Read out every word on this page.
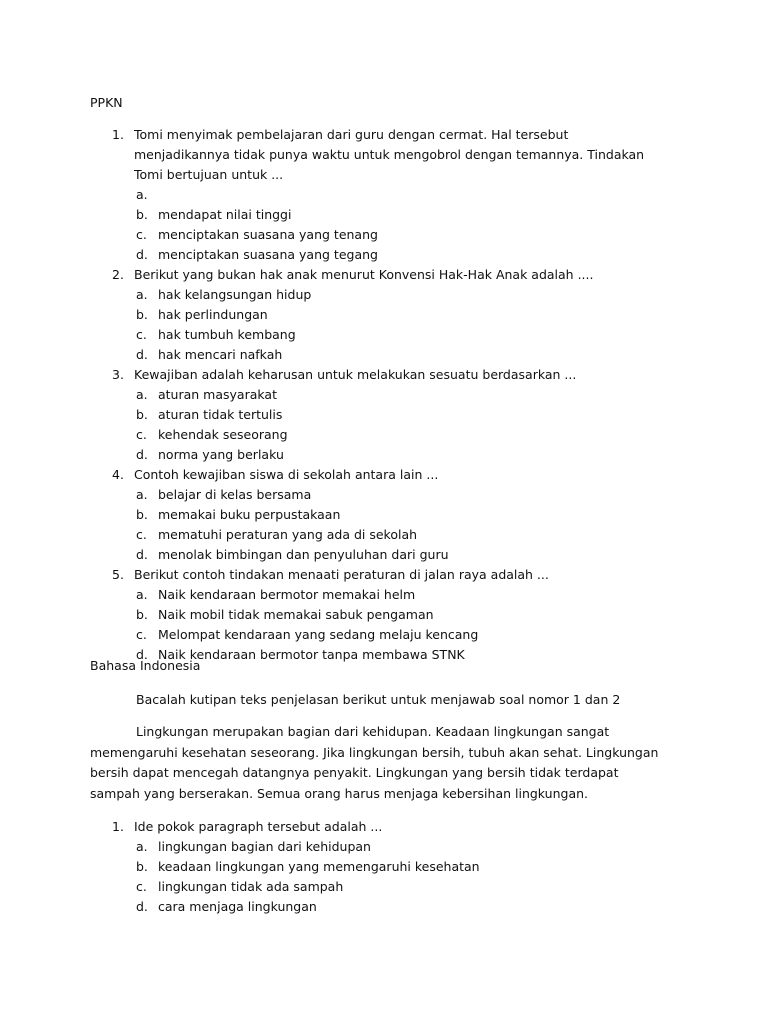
PPKN
1. Tomi menyimak pembelajaran dari guru dengan cermat. Hal tersebut menjadikannya tidak punya waktu untuk mengobrol dengan temannya. Tindakan Tomi bertujuan untuk ...
a.
b. mendapat nilai tinggi
c. menciptakan suasana yang tenang
d. menciptakan suasana yang tegang
2. Berikut yang bukan hak anak menurut Konvensi Hak-Hak Anak adalah ....
a. hak kelangsungan hidup
b. hak perlindungan
c. hak tumbuh kembang
d. hak mencari nafkah
3. Kewajiban adalah keharusan untuk melakukan sesuatu berdasarkan ...
a. aturan masyarakat
b. aturan tidak tertulis
c. kehendak seseorang
d. norma yang berlaku
4. Contoh kewajiban siswa di sekolah antara lain ...
a. belajar di kelas bersama
b. memakai buku perpustakaan
c. mematuhi peraturan yang ada di sekolah
d. menolak bimbingan dan penyuluhan dari guru
5. Berikut contoh tindakan menaati peraturan di jalan raya adalah ...
a. Naik kendaraan bermotor memakai helm
b. Naik mobil tidak memakai sabuk pengaman
c. Melompat kendaraan yang sedang melaju kencang
d. Naik kendaraan bermotor tanpa membawa STNK
Bahasa Indonesia
Bacalah kutipan teks penjelasan berikut untuk menjawab soal nomor 1 dan 2

Lingkungan merupakan bagian dari kehidupan. Keadaan lingkungan sangat memengaruhi kesehatan seseorang. Jika lingkungan bersih, tubuh akan sehat. Lingkungan bersih dapat mencegah datangnya penyakit. Lingkungan yang bersih tidak terdapat sampah yang berserakan. Semua orang harus menjaga kebersihan lingkungan.

1. Ide pokok paragraph tersebut adalah ...
a. lingkungan bagian dari kehidupan
b. keadaan lingkungan yang memengaruhi kesehatan
c. lingkungan tidak ada sampah
d. cara menjaga lingkungan
